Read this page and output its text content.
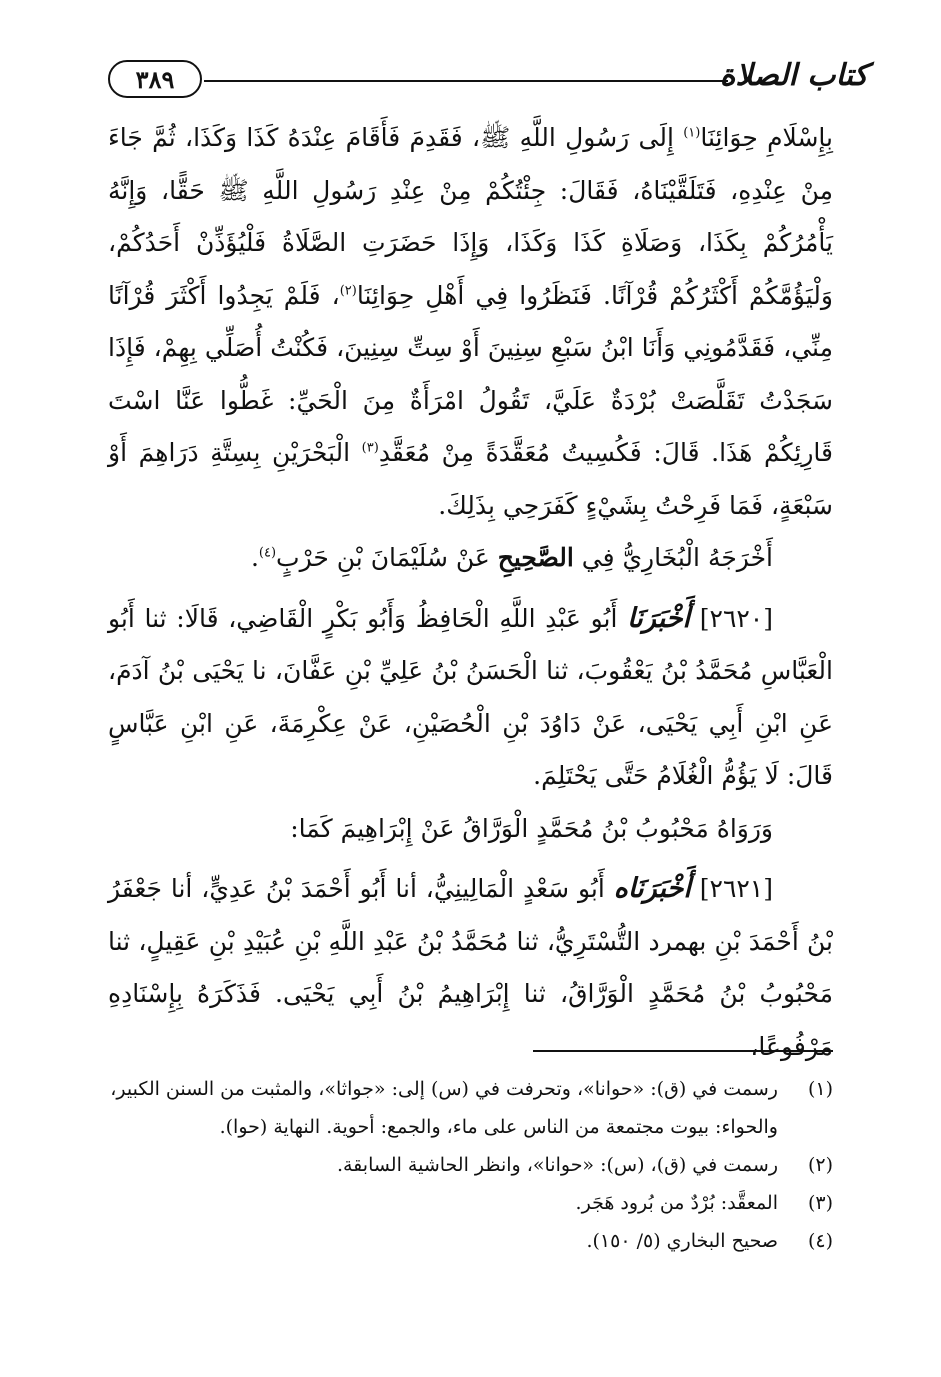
٣٨٩	كتاب الصلاة

بِإِسْلَامِ حِوَائِنَا$^{(١)}$ إِلَى رَسُولِ اللَّهِ ﷺ، فَقَدِمَ فَأَقَامَ عِنْدَهُ كَذَا وَكَذَا، ثُمَّ جَاءَ مِنْ عِنْدِهِ، فَتَلَقَّيْنَاهُ، فَقَالَ: جِئْتُكُمْ مِنْ عِنْدِ رَسُولِ اللَّهِ ﷺ حَقًّا، وَإِنَّهُ يَأْمُرُكُمْ بِكَذَا، وَصَلَاةِ كَذَا وَكَذَا، وَإِذَا حَضَرَتِ الصَّلَاةُ فَلْيُؤَذِّنْ أَحَدُكُمْ، وَلْيَؤُمَّكُمْ أَكْثَرُكُمْ قُرْآنًا. فَنَظَرُوا فِي أَهْلِ حِوَائِنَا$^{(٢)}$، فَلَمْ يَجِدُوا أَكْثَرَ قُرْآنًا مِنِّي، فَقَدَّمُونِي وَأَنَا ابْنُ سَبْعِ سِنِينَ أَوْ سِتِّ سِنِينَ، فَكُنْتُ أُصَلِّي بِهِمْ، فَإِذَا سَجَدْتُ تَقَلَّصَتْ بُرْدَةٌ عَلَيَّ، تَقُولُ امْرَأَةٌ مِنَ الْحَيِّ: غَطُّوا عَنَّا اسْتَ قَارِئِكُمْ هَذَا. قَالَ: فَكُسِيتُ مُعَقَّدَةً مِنْ مُعَقَّدِ$^{(٣)}$ الْبَحْرَيْنِ بِسِتَّةِ دَرَاهِمَ أَوْ سَبْعَةٍ، فَمَا فَرِحْتُ بِشَيْءٍ كَفَرَحِي بِذَلِكَ.

أَخْرَجَهُ الْبُخَارِيُّ فِي الصَّحِيحِ عَنْ سُلَيْمَانَ بْنِ حَرْبٍ$^{(٤)}$.

[٢٦٢٠] أَخْبَرَنَا أَبُو عَبْدِ اللَّهِ الْحَافِظُ وَأَبُو بَكْرٍ الْقَاضِي، قَالَا: ثنا أَبُو الْعَبَّاسِ مُحَمَّدُ بْنُ يَعْقُوبَ، ثنا الْحَسَنُ بْنُ عَلِيِّ بْنِ عَفَّانَ، نا يَحْيَى بْنُ آدَمَ، عَنِ ابْنِ أَبِي يَحْيَى، عَنْ دَاوُدَ بْنِ الْحُصَيْنِ، عَنْ عِكْرِمَةَ، عَنِ ابْنِ عَبَّاسٍ قَالَ: لَا يَؤُمُّ الْغُلَامُ حَتَّى يَحْتَلِمَ.

وَرَوَاهُ مَحْبُوبُ بْنُ مُحَمَّدٍ الْوَرَّاقُ عَنْ إِبْرَاهِيمَ كَمَا:

[٢٦٢١] أَخْبَرَنَاه أَبُو سَعْدٍ الْمَالِينِيُّ، أنا أَبُو أَحْمَدَ بْنُ عَدِيٍّ، أنا جَعْفَرُ بْنُ أَحْمَدَ بْنِ بهمرد التُّسْتَرِيُّ، ثنا مُحَمَّدُ بْنُ عَبْدِ اللَّهِ بْنِ عُبَيْدِ بْنِ عَقِيلٍ، ثنا مَحْبُوبُ بْنُ مُحَمَّدٍ الْوَرَّاقُ، ثنا إِبْرَاهِيمُ بْنُ أَبِي يَحْيَى. فَذَكَرَهُ بِإِسْنَادِهِ مَرْفُوعًا،

(١)
رسمت في (ق): «حوانا»، وتحرفت في (س) إلى: «جواثا»، والمثبت من السنن الكبير، والحواء: بيوت مجتمعة من الناس على ماء، والجمع: أحوية. النهاية (حوا).
(٢)
رسمت في (ق)، (س): «حوانا»، وانظر الحاشية السابقة.
(٣)
المعقَّد: بُرْدٌ من بُرود هَجَر.
(٤)
صحيح البخاري (٥/ ١٥٠).
